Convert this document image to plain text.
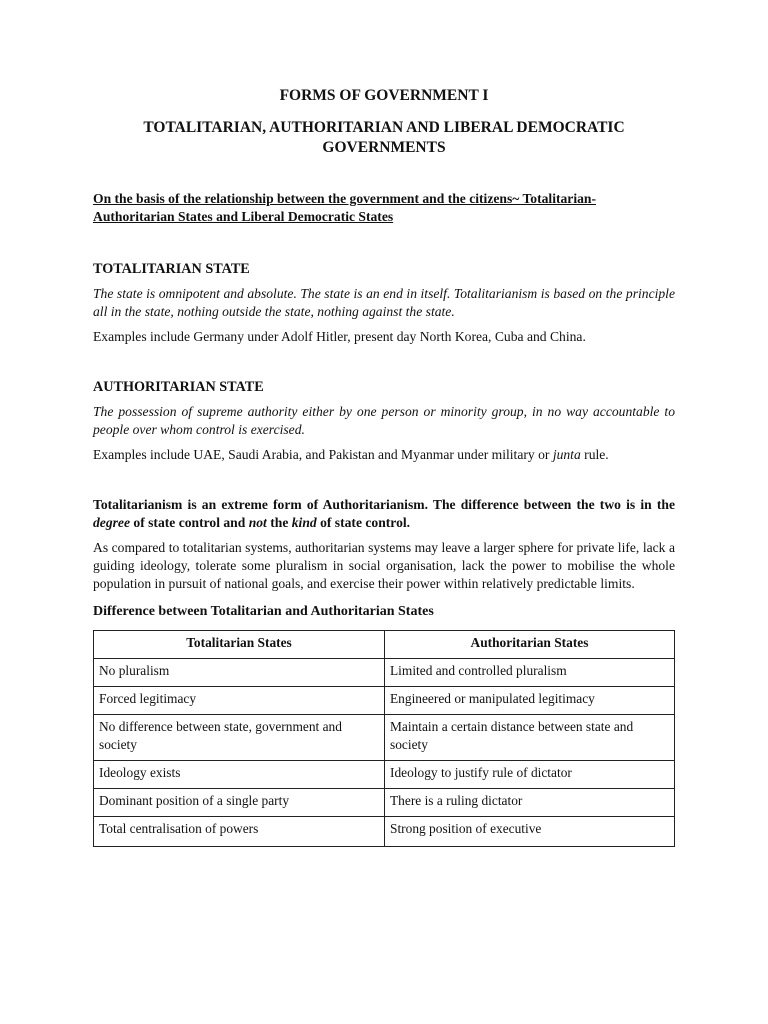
FORMS OF GOVERNMENT I

TOTALITARIAN, AUTHORITARIAN AND LIBERAL DEMOCRATIC GOVERNMENTS

On the basis of the relationship between the government and the citizens~ Totalitarian-Authoritarian States and Liberal Democratic States

TOTALITARIAN STATE

The state is omnipotent and absolute. The state is an end in itself. Totalitarianism is based on the principle all in the state, nothing outside the state, nothing against the state.

Examples include Germany under Adolf Hitler, present day North Korea, Cuba and China.

AUTHORITARIAN STATE

The possession of supreme authority either by one person or minority group, in no way accountable to people over whom control is exercised.

Examples include UAE, Saudi Arabia, and Pakistan and Myanmar under military or junta rule.

Totalitarianism is an extreme form of Authoritarianism. The difference between the two is in the degree of state control and not the kind of state control.
As compared to totalitarian systems, authoritarian systems may leave a larger sphere for private life, lack a guiding ideology, tolerate some pluralism in social organisation, lack the power to mobilise the whole population in pursuit of national goals, and exercise their power within relatively predictable limits.
Difference between Totalitarian and Authoritarian States
Totalitarian States	Authoritarian States
No pluralism	Limited and controlled pluralism
Forced legitimacy	Engineered or manipulated legitimacy
No difference between state, government and society	Maintain a certain distance between state and society
Ideology exists	Ideology to justify rule of dictator
Dominant position of a single party	There is a ruling dictator
Total centralisation of powers	Strong position of executive
